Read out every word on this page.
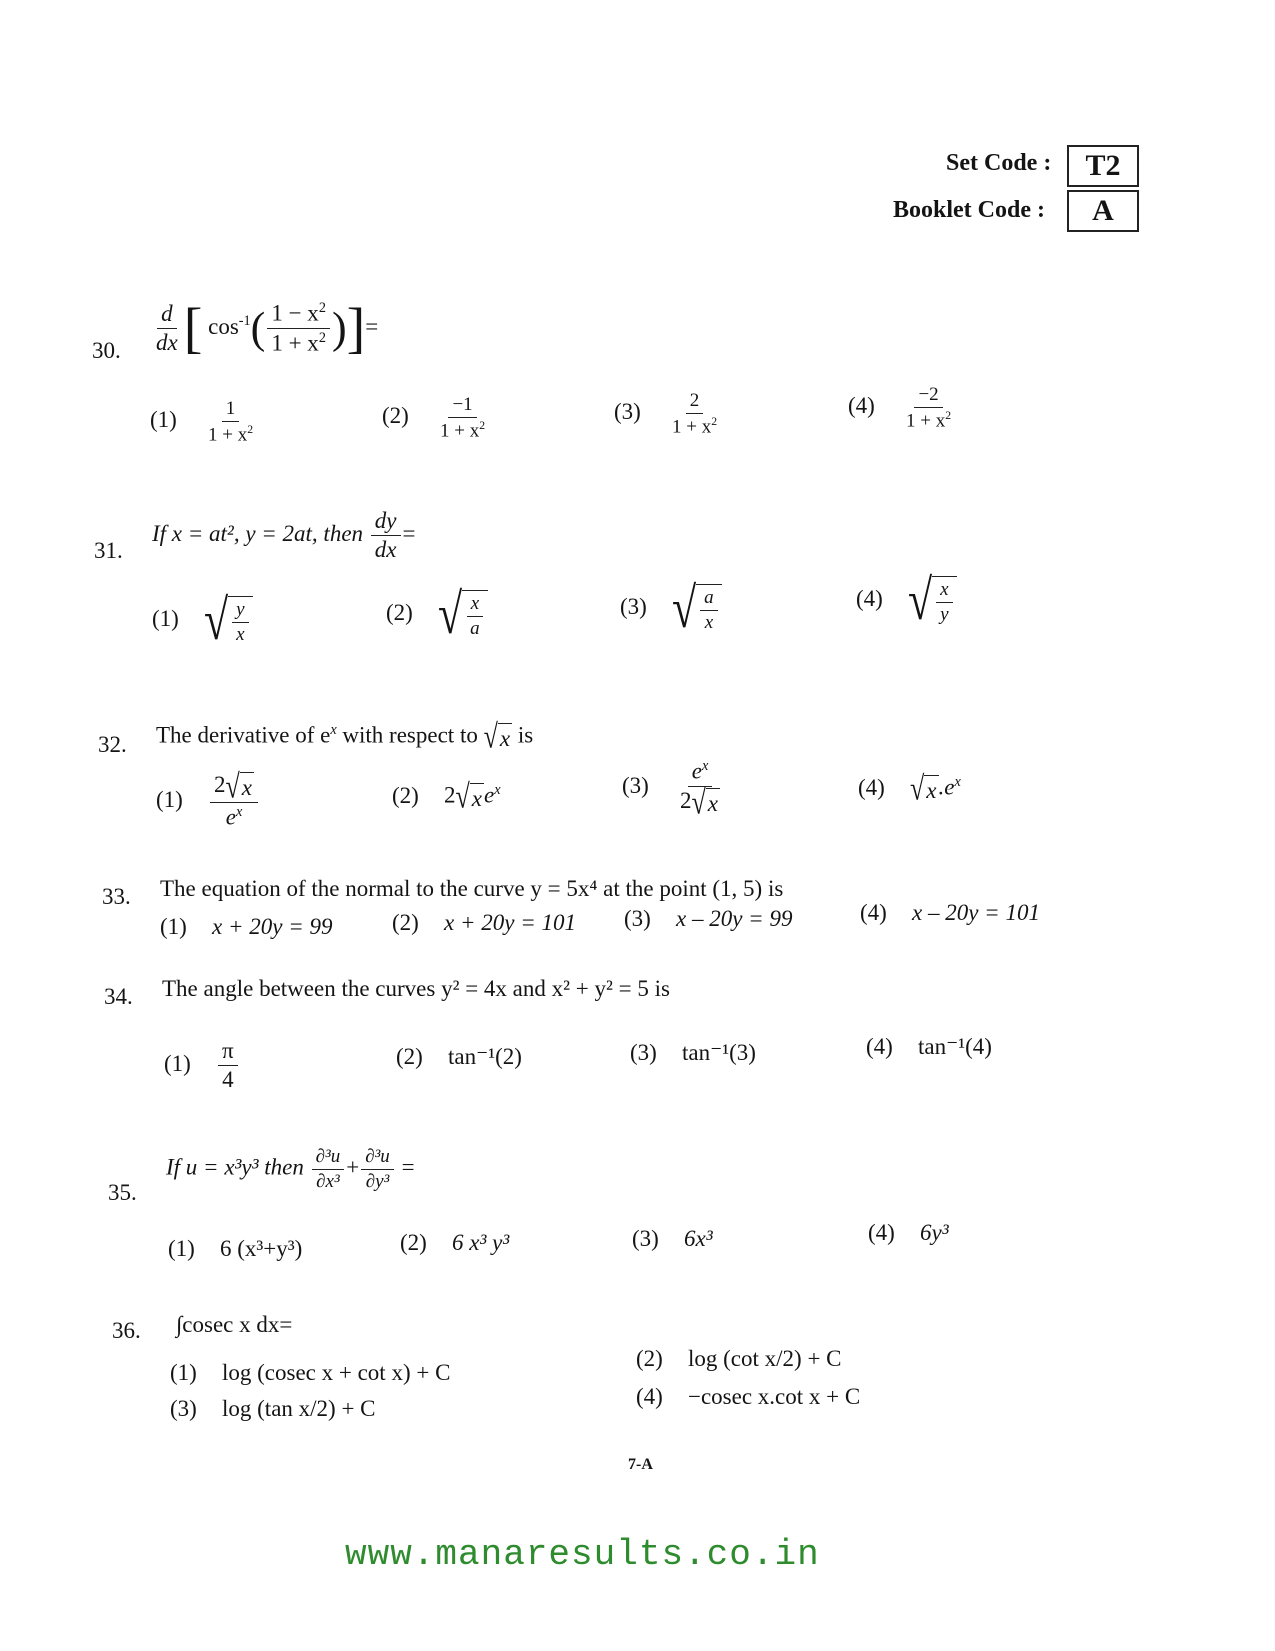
Set Code :	T2
Booklet Code :	A
30. $\frac{d}{dx}$ [ $\cos^{-1}( \frac{1 - x^2}{1 + x^2}$ )]=
$(1) \frac{1}{1 + x^2}$	$(2) \frac{-1}{1 + x^2}$	$(3) \frac{2}{1 + x^2}$	$(4) \frac{-2}{1 + x^2}$
31.
If x = at², y = 2at, then $\frac{dy}{dx}$ =
(1) √ $\frac{y}{x}$	(2) √ $\frac{x}{a}$	(3) √ $\frac{a}{x}$	(4) √ $\frac{x}{y}$
32. The derivative of $e^x$ with respect to √ x is
$(1) \frac{2 √ x}{e^x}$	(2) 2 √ x $e^x$	$(3) \frac{e^x}{2 √ x}$	(4) √ x $.e^x$
33. The equation of the normal to the curve y = 5x⁴ at the point (1, 5) is
(1) x + 20y = 99	(2) x + 20y = 101 (3) x – 20y = 99	(4) x – 20y = 101
34. The angle between the curves y² = 4x and x² + y² = 5 is
$(1) \frac{\pi}{4}$	(2) tan⁻¹(2)	(3) tan⁻¹(3)	(4) tan⁻¹(4)
35.
If u = x³y³ then $\frac{\text{∂³u}}{\text{∂x³}} + \frac{\text{∂³u}}{\text{∂y³}}$ =
(1) 6 (x³+y³)	(2) 6 x³ y³	(3) 6x³	(4) 6y³
36. ∫cosec x dx=
(1) log (cosec x + cot x) + C
(2) log (cot x/2) + C
(3) log (tan x/2) + C	(4) −cosec x.cot x + C
7-A
www.manaresults.co.in
